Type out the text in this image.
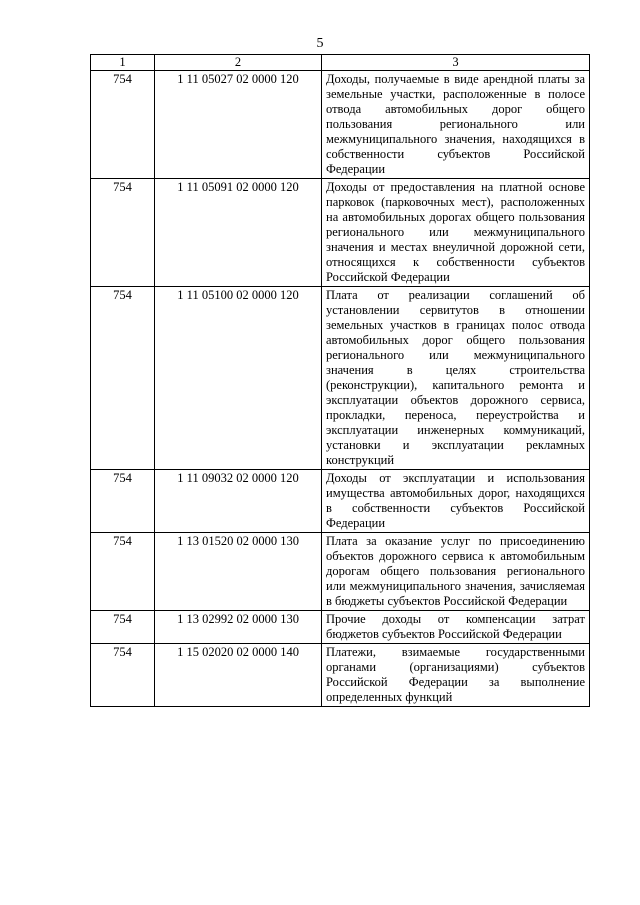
5
1	2	3
754	1 11 05027 02 0000 120	Доходы, получаемые в виде арендной платы за земельные участки, расположенные в полосе отвода автомобильных дорог общего пользования регионального или межмуниципального значения, находящихся в собственности субъектов Российской Федерации
754	1 11 05091 02 0000 120	Доходы от предоставления на платной основе парковок (парковочных мест), расположенных на автомобильных дорогах общего пользования регионального или межмуниципального значения и местах внеуличной дорожной сети, относящихся к собственности субъектов Российской Федерации
754	1 11 05100 02 0000 120	Плата от реализации соглашений об установлении сервитутов в отношении земельных участков в границах полос отвода автомобильных дорог общего пользования регионального или межмуниципального значения в целях строительства (реконструкции), капитального ремонта и эксплуатации объектов дорожного сервиса, прокладки, переноса, переустройства и эксплуатации инженерных коммуникаций, установки и эксплуатации рекламных конструкций
754	1 11 09032 02 0000 120	Доходы от эксплуатации и использования имущества автомобильных дорог, находящихся в собственности субъектов Российской Федерации
754	1 13 01520 02 0000 130	Плата за оказание услуг по присоединению объектов дорожного сервиса к автомобильным дорогам общего пользования регионального или межмуниципального значения, зачисляемая в бюджеты субъектов Российской Федерации
754	1 13 02992 02 0000 130	Прочие доходы от компенсации затрат бюджетов субъектов Российской Федерации
754	1 15 02020 02 0000 140	Платежи, взимаемые государственными органами (организациями) субъектов Российской Федерации за выполнение определенных функций
